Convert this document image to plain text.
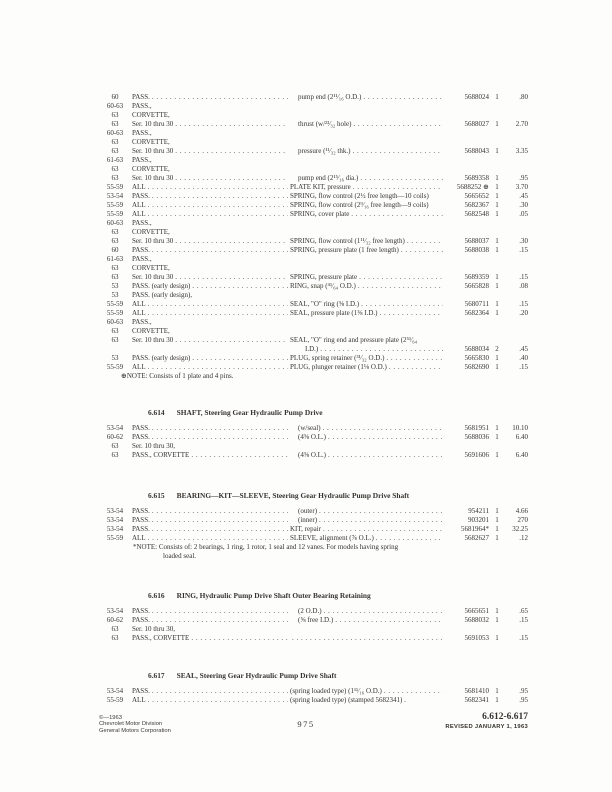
60	PASS. . . .	pump end (2¹¹⁄₁₆ O.D.) . . .	5688024 1	.80
60-63	PASS.,
63	CORVETTE,
63	Ser. 10 thru 30 . . .	thrust (w/²³⁄₃₂ hole) . . .	5688027 1	2.70
60-63	PASS.,
63	CORVETTE,
63	Ser. 10 thru 30 . . .	pressure (¹¹⁄₃₂ thk.) . . .	5688043 1	3.35
61-63	PASS.,
63	CORVETTE,
63	Ser. 10 thru 30 . . .	pump end (2¹⁵⁄₁₆ dia.) . . .	5689358 1	.95
55-59	ALL . . .	PLATE KIT, pressure . . .	5688252 ⊕ 1	3.70
53-54	PASS. . . .	SPRING, flow control (2½ free length—10 coils)	5665652 1	.45
55-59	ALL . . .	SPRING, flow control (2⁹⁄₁₆ free length—9 coils)	5682367 1	.30
55-59	ALL . . .	SPRING, cover plate . . .	5682548 1	.05
60-63	PASS.,
63	CORVETTE,
63	Ser. 10 thru 30 . . .	SPRING, flow control (1¹¹⁄₃₂ free length) . . .	5688037 1	.30
60	PASS. . . .	SPRING, pressure plate (1 free length) . . .	5688038 1	.15
61-63	PASS.,
63	CORVETTE,
63	Ser. 10 thru 30 . . .	SPRING, pressure plate . . .	5689359 1	.15
53	PASS. (early design) . . .	RING, snap (⁴¹⁄₆₄ O.D.) . . .	5665828 1	.08
53	PASS. (early design),
55-59	ALL . . .	SEAL, "O" ring (⅝ I.D.) . . .	5680711 1	.15
55-59	ALL . . .	SEAL, pressure plate (1⅜ I.D.) . . .	5682364 1	.20
60-63	PASS.,
63	CORVETTE,
63	Ser. 10 thru 30 . . .	SEAL, "O" ring end and pressure plate (2⁵¹⁄₆₄
I.D.) . . .	5688034 2	.45
53	PASS. (early design) . . .	PLUG, spring retainer (³¹⁄₃₂ O.D.) . . .	5665830 1	.40
55-59	ALL . . .	PLUG, plunger retainer (1⅛ O.D.) . . .	5682690 1	.15
⊕NOTE: Consists of 1 plate and 4 pins.
6.614 SHAFT, Steering Gear Hydraulic Pump Drive
53-54	PASS. . . .	(w/seal) . . .	5681951 1	10.10
60-62	PASS. . . .	(4⅝ O.L.) . . .	5688036 1	6.40
63	Ser. 10 thru 30,
63	PASS., CORVETTE . . .	(4⅝ O.L.) . . .	5691606 1	6.40
6.615 BEARING—KIT—SLEEVE, Steering Gear Hydraulic Pump Drive Shaft
53-54	PASS. . . .	(outer) . . .	954211 1	4.66
53-54	PASS. . . .	(inner) . . .	903201 1	270
53-54	PASS. . . .	KIT, repair . . .	5681964* 1	32.25
55-59	ALL . . .	SLEEVE, alignment (⅞ O.L.) . . .	5682627 1	.12
*NOTE: Consists of: 2 bearings, 1 ring, 1 rotor, 1 seal and 12 vanes. For models having spring
loaded seal.
6.616 RING, Hydraulic Pump Drive Shaft Outer Bearing Retaining
53-54	PASS. . . .	(2 O.D.) . . .	5665651 1	.65
60-62	PASS. . . .	(⅝ free I.D.) . . .	5688032 1	.15
63	Ser. 10 thru 30,
63	PASS., CORVETTE . . . . . .	5691053 1	.15
6.617 SEAL, Steering Gear Hydraulic Pump Drive Shaft
53-54	PASS. . . .	(spring loaded type) (1¹¹⁄₁₆ O.D.) . . .	5681410 1	.95
55-59	ALL . . .	(spring loaded type) (stamped 5682341) .	5682341 1	.95
©—1963
Chevrolet Motor Division
General Motors Corporation
975
6.612-6.617
REVISED JANUARY 1, 1963
